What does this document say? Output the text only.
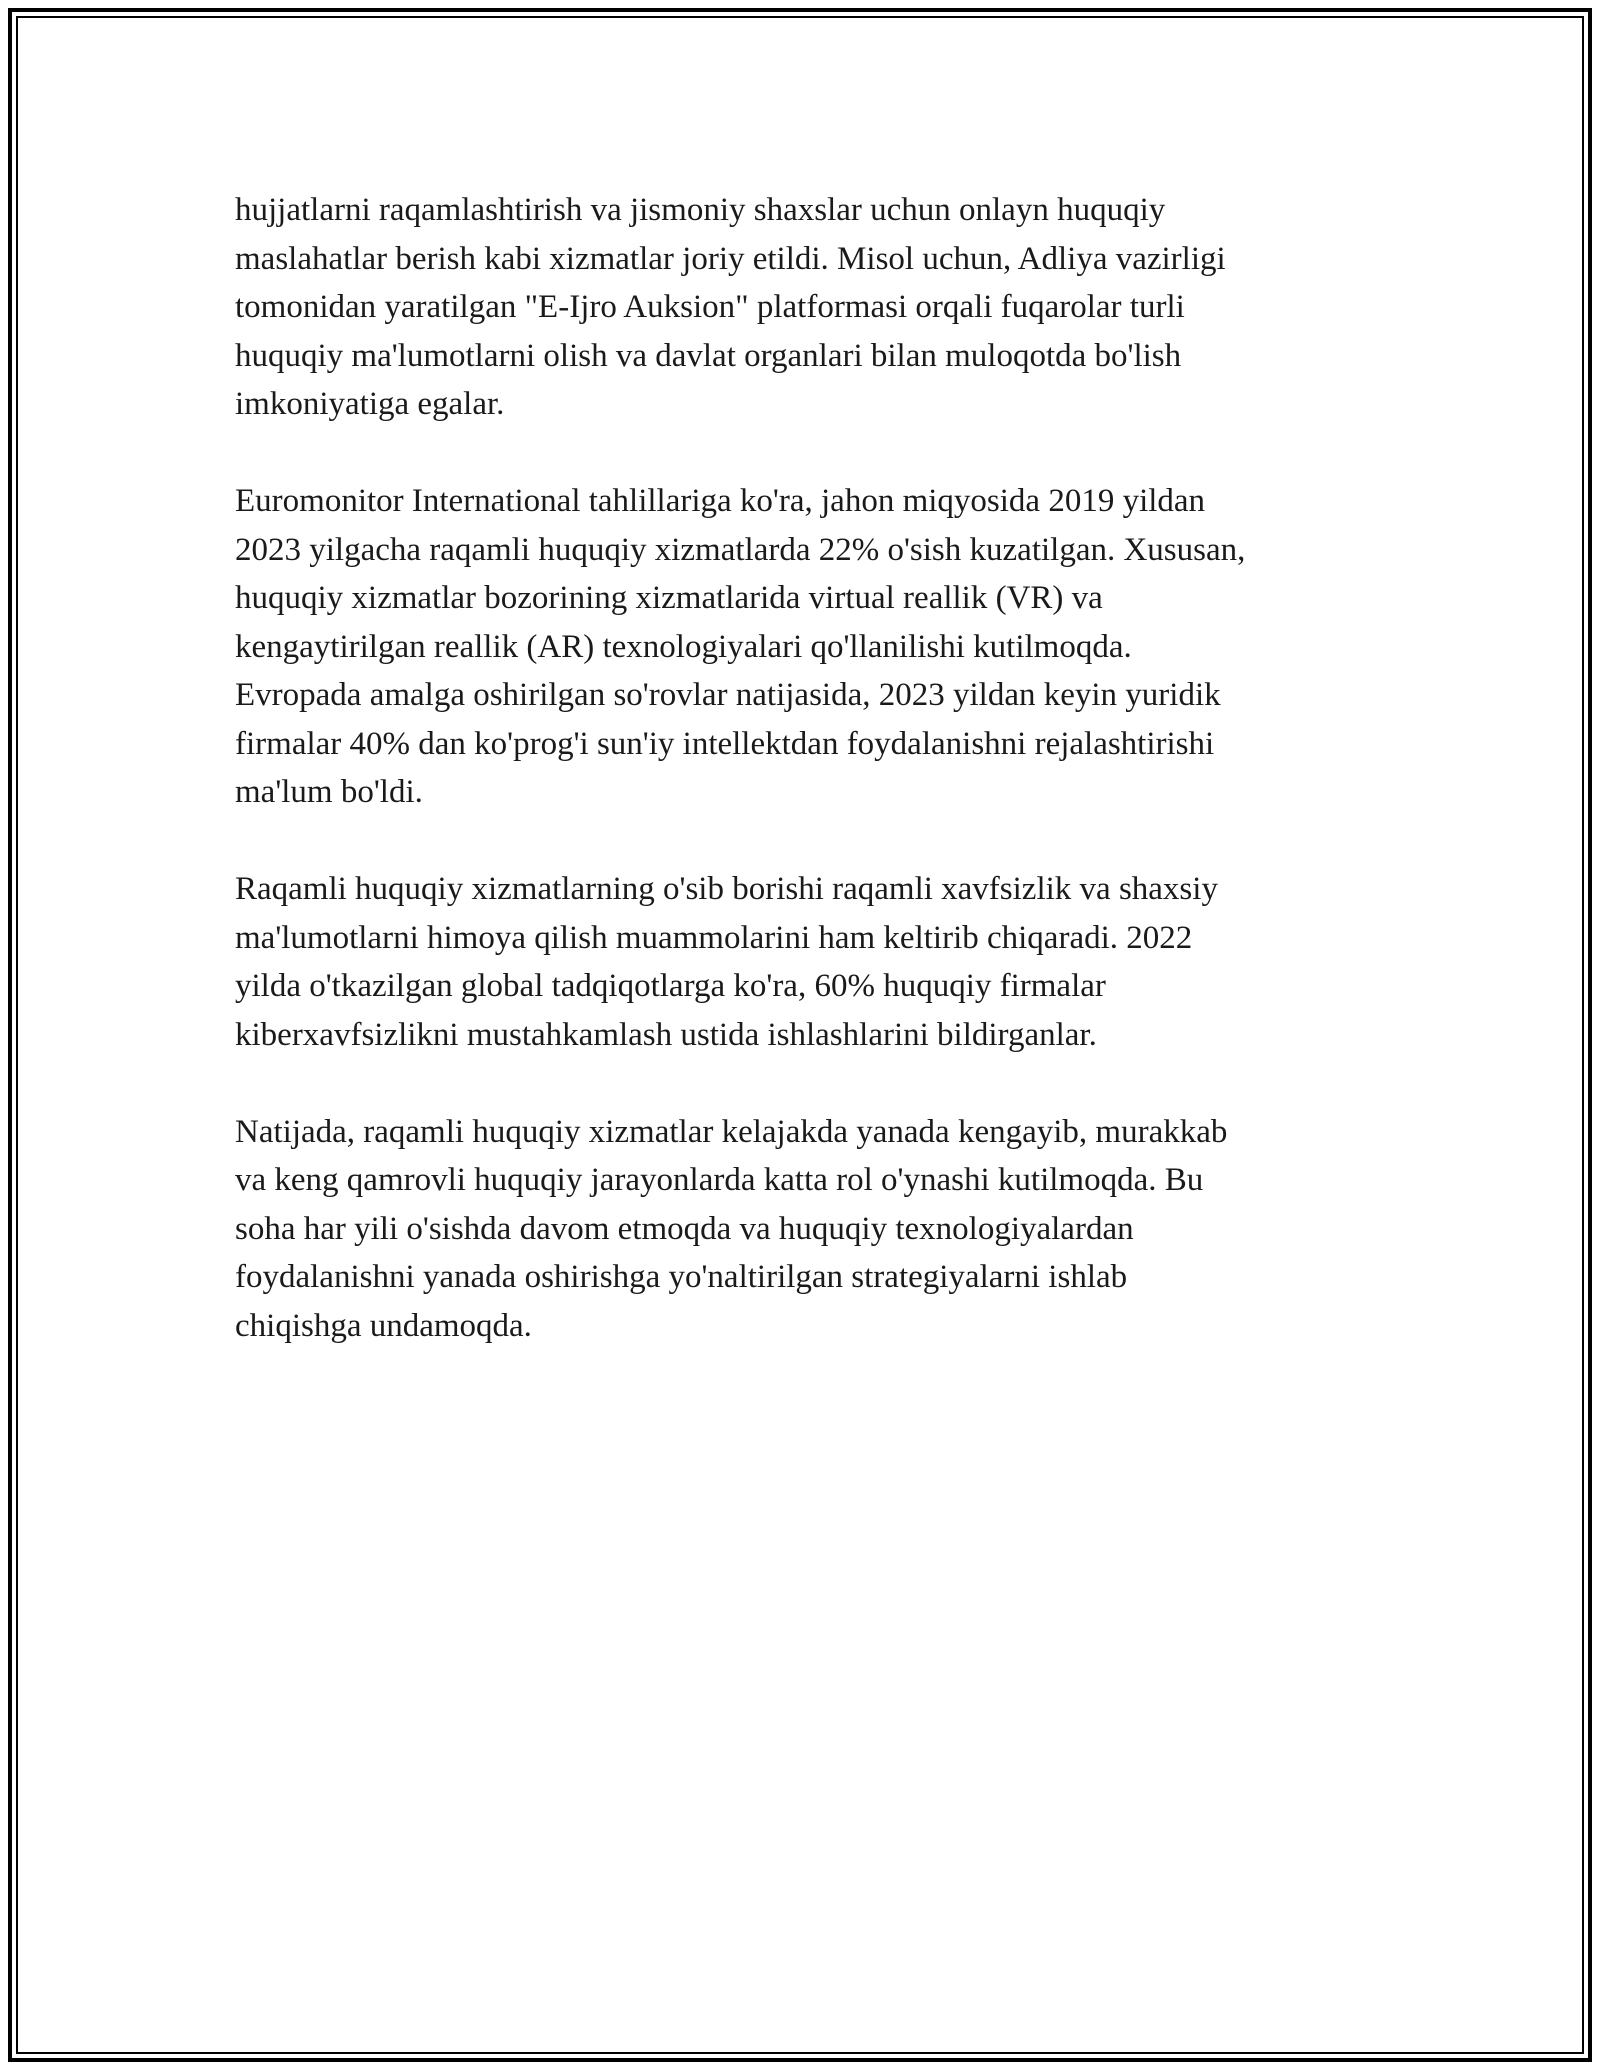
hujjatlarni raqamlashtirish va jismoniy shaxslar uchun onlayn huquqiy
maslahatlar berish kabi xizmatlar joriy etildi. Misol uchun, Adliya vazirligi
tomonidan yaratilgan "E-Ijro Auksion" platformasi orqali fuqarolar turli
huquqiy ma'lumotlarni olish va davlat organlari bilan muloqotda bo'lish
imkoniyatiga egalar.

Euromonitor International tahlillariga ko'ra, jahon miqyosida 2019 yildan
2023 yilgacha raqamli huquqiy xizmatlarda 22% o'sish kuzatilgan. Xususan,
huquqiy xizmatlar bozorining xizmatlarida virtual reallik (VR) va
kengaytirilgan reallik (AR) texnologiyalari qo'llanilishi kutilmoqda.
Evropada amalga oshirilgan so'rovlar natijasida, 2023 yildan keyin yuridik
firmalar 40% dan ko'prog'i sun'iy intellektdan foydalanishni rejalashtirishi
ma'lum bo'ldi.

Raqamli huquqiy xizmatlarning o'sib borishi raqamli xavfsizlik va shaxsiy
ma'lumotlarni himoya qilish muammolarini ham keltirib chiqaradi. 2022
yilda o'tkazilgan global tadqiqotlarga ko'ra, 60% huquqiy firmalar
kiberxavfsizlikni mustahkamlash ustida ishlashlarini bildirganlar.

Natijada, raqamli huquqiy xizmatlar kelajakda yanada kengayib, murakkab
va keng qamrovli huquqiy jarayonlarda katta rol o'ynashi kutilmoqda. Bu
soha har yili o'sishda davom etmoqda va huquqiy texnologiyalardan
foydalanishni yanada oshirishga yo'naltirilgan strategiyalarni ishlab
chiqishga undamoqda.
